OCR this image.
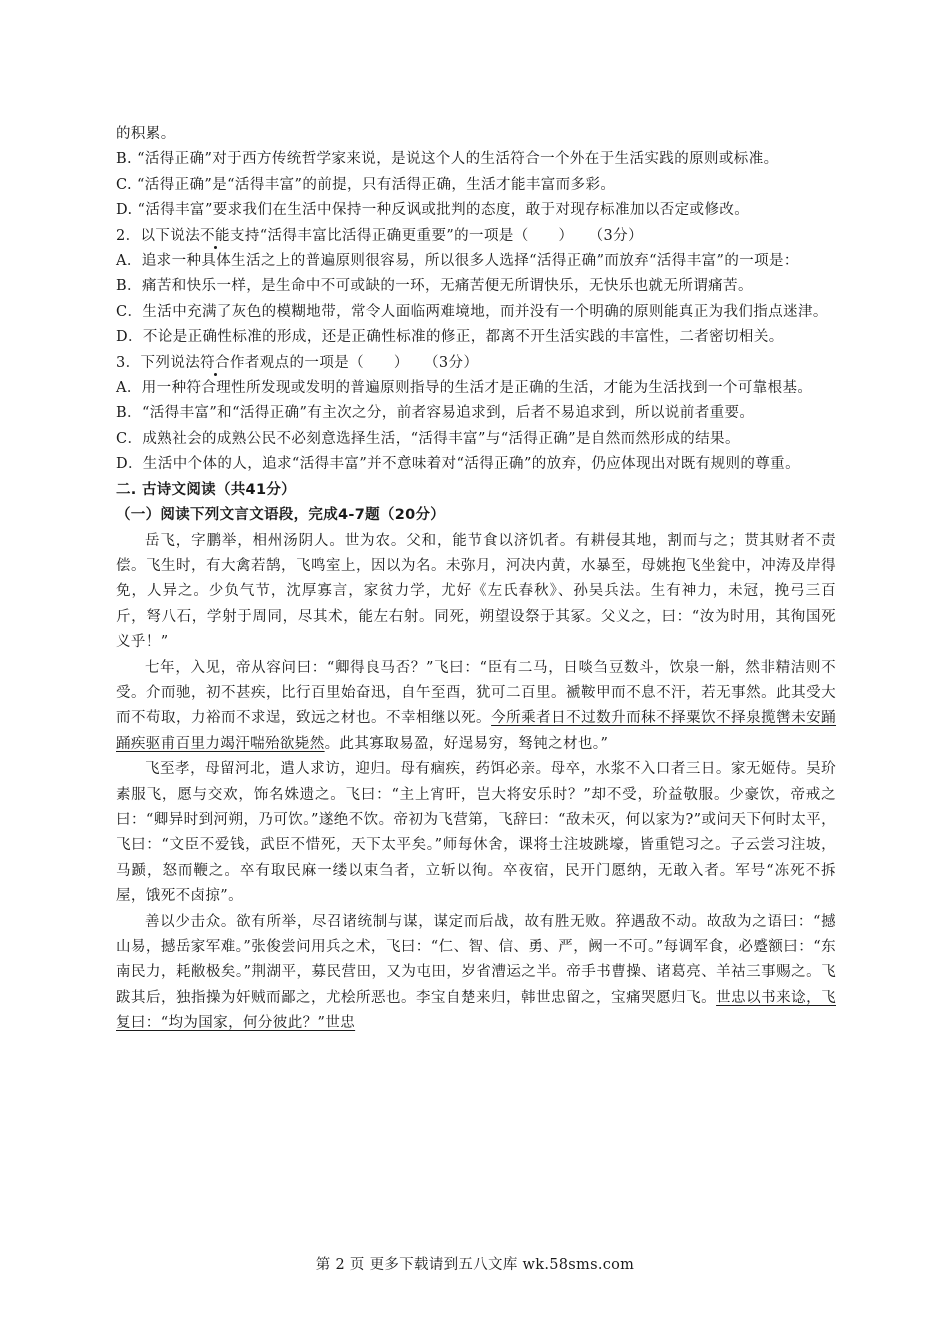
的积累。

B. “活得正确”对于西方传统哲学家来说，是说这个人的生活符合一个外在于生活实践的原则或标准。

C. “活得正确”是“活得丰富”的前提，只有活得正确，生活才能丰富而多彩。

D. “活得丰富”要求我们在生活中保持一种反讽或批判的态度，敢于对现存标准加以否定或修改。

2．以下说法不能支持“活得丰富比活得正确更重要”的一项是（　　）　　（3分）

A．追求一种具体生活之上的普遍原则很容易，所以很多人选择“活得正确”而放弃“活得丰富”的一项是：

B．痛苦和快乐一样，是生命中不可或缺的一环，无痛苦便无所谓快乐，无快乐也就无所谓痛苦。

C．生活中充满了灰色的模糊地带，常令人面临两难境地，而并没有一个明确的原则能真正为我们指点迷津。

D．不论是正确性标准的形成，还是正确性标准的修正，都离不开生活实践的丰富性，二者密切相关。

3．下列说法符合作者观点的一项是（　　）　　（3分）

A．用一种符合理性所发现或发明的普遍原则指导的生活才是正确的生活，才能为生活找到一个可靠根基。

B．“活得丰富”和“活得正确”有主次之分，前者容易追求到，后者不易追求到，所以说前者重要。

C．成熟社会的成熟公民不必刻意选择生活，“活得丰富”与“活得正确”是自然而然形成的结果。

D．生活中个体的人，追求“活得丰富”并不意味着对“活得正确”的放弃，仍应体现出对既有规则的尊重。

二. 古诗文阅读（共41分）

（一）阅读下列文言文语段，完成4-7题（20分）

岳飞，字鹏举，相州汤阴人。世为农。父和，能节食以济饥者。有耕侵其地，割而与之；贳其财者不责偿。飞生时，有大禽若鹄，飞鸣室上，因以为名。未弥月，河决内黄，水暴至，母姚抱飞坐瓮中，冲涛及岸得免，人异之。少负气节，沈厚寡言，家贫力学，尤好《左氏春秋》、孙吴兵法。生有神力，未冠，挽弓三百斤，弩八石，学射于周同，尽其术，能左右射。同死，朔望设祭于其冢。父义之，曰：“汝为时用，其徇国死义乎！”

七年，入见，帝从容问曰：“卿得良马否？”飞曰：“臣有二马，日啖刍豆数斗，饮泉一斛，然非精洁则不受。介而驰，初不甚疾，比行百里始奋迅，自午至酉，犹可二百里。褫鞍甲而不息不汗，若无事然。此其受大而不苟取，力裕而不求逞，致远之材也。不幸相继以死。今所乘者日不过数升而秣不择粟饮不择泉揽辔未安踊踊疾驱甫百里力竭汗喘殆欲毙然。此其寡取易盈，好逞易穷，驽钝之材也。”

飞至孝，母留河北，遣人求访，迎归。母有痼疾，药饵必亲。母卒，水浆不入口者三日。家无姬侍。吴玠素服飞，愿与交欢，饰名姝遗之。飞曰：“主上宵旰，岂大将安乐时？”却不受，玠益敬服。少豪饮，帝戒之曰：“卿异时到河朔，乃可饮。”遂绝不饮。帝初为飞营第，飞辞曰：“敌未灭，何以家为?”或问天下何时太平，飞曰：“文臣不爱钱，武臣不惜死，天下太平矣。”师每休舍，课将士注坡跳壕，皆重铠习之。子云尝习注坡，马踬，怒而鞭之。卒有取民麻一缕以束刍者，立斩以徇。卒夜宿，民开门愿纳，无敢入者。军号“冻死不拆屋，饿死不卤掠”。

善以少击众。欲有所举，尽召诸统制与谋，谋定而后战，故有胜无败。猝遇敌不动。故敌为之语曰：“撼山易，撼岳家军难。”张俊尝问用兵之术，飞曰：“仁、智、信、勇、严，阙一不可。”每调军食，必蹙额曰：“东南民力，耗敝极矣。”荆湖平，募民营田，又为屯田，岁省漕运之半。帝手书曹操、诸葛亮、羊祜三事赐之。飞跋其后，独指操为奸贼而鄙之，尤桧所恶也。李宝自楚来归，韩世忠留之，宝痛哭愿归飞。世忠以书来谂，飞复曰：“均为国家，何分彼此？”世忠

第 2 页 更多下载请到五八文库 wk.58sms.com
